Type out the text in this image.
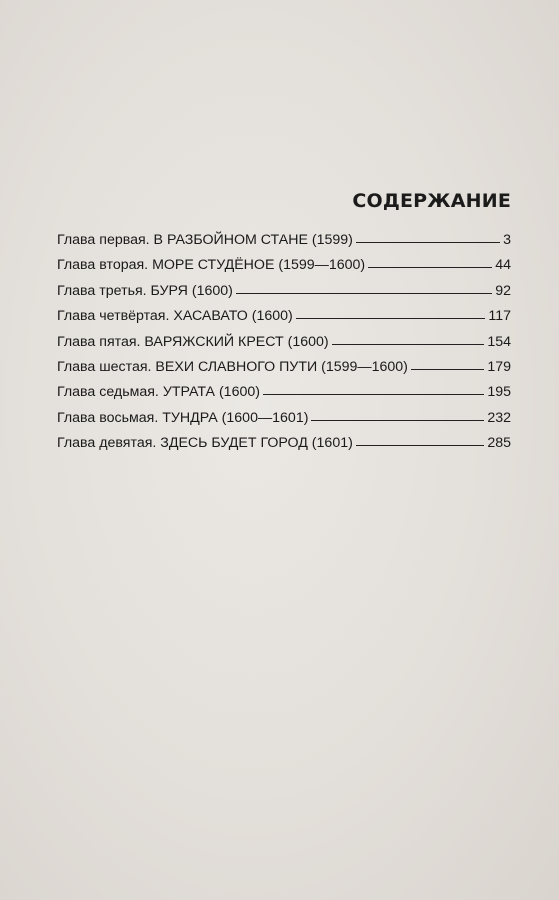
СОДЕРЖАНИЕ
Глава первая. В РАЗБОЙНОМ СТАНЕ (1599)	3
Глава вторая. МОРЕ СТУДЁНОЕ (1599—1600)	44
Глава третья. БУРЯ (1600)	92
Глава четвёртая. ХАСАВАТО (1600)	117
Глава пятая. ВАРЯЖСКИЙ КРЕСТ (1600)	154
Глава шестая. ВЕХИ СЛАВНОГО ПУТИ (1599—1600)	179
Глава седьмая. УТРАТА (1600)	195
Глава восьмая. ТУНДРА (1600—1601)	232
Глава девятая. ЗДЕСЬ БУДЕТ ГОРОД (1601)	285
